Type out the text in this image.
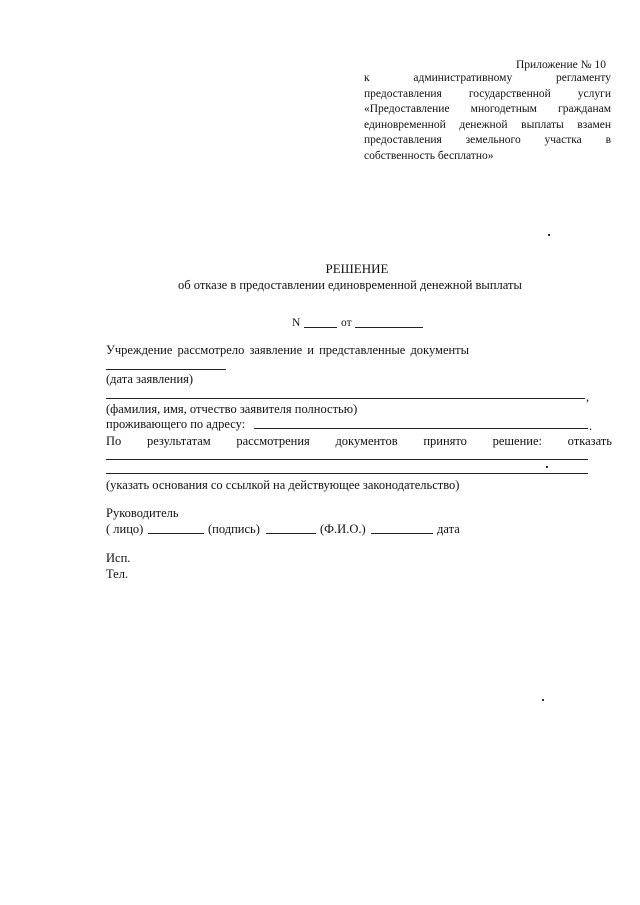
Приложение № 10
к административному регламенту
предоставления государственной услуги
«Предоставление многодетным гражданам
единовременной денежной выплаты взамен
предоставления земельного участка в
собственность бесплатно»
РЕШЕНИЕ
об отказе в предоставлении единовременной денежной выплаты
N	от
Учреждение рассмотрело заявление и представленные документы
(дата заявления)
,
(фамилия, имя, отчество заявителя полностью)
проживающего по адресу:	.
По результатам рассмотрения документов принято решение: отказать
(указать основания со ссылкой на действующее законодательство)
Руководитель
( лицо)	(подпись)	(Ф.И.О.)	дата
Исп.
Тел.
